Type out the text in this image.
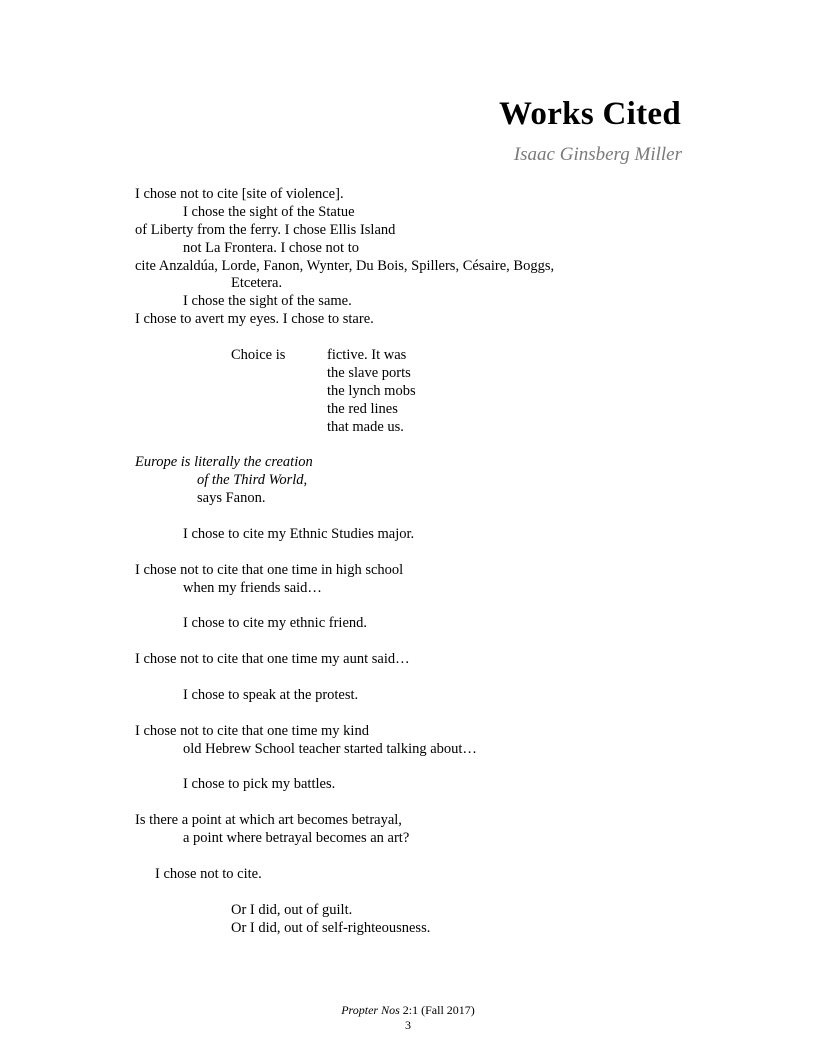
Works Cited
Isaac Ginsberg Miller
I chose not to cite [site of violence].
I chose the sight of the Statue
of Liberty from the ferry. I chose Ellis Island
not La Frontera. I chose not to
cite Anzaldúa, Lorde, Fanon, Wynter, Du Bois, Spillers, Césaire, Boggs,
Etcetera.
I chose the sight of the same.
I chose to avert my eyes. I chose to stare.
Choice is	fictive. It was
the slave ports
the lynch mobs
the red lines
that made us.
Europe is literally the creation
of the Third World,
says Fanon.
I chose to cite my Ethnic Studies major.
I chose not to cite that one time in high school
when my friends said…
I chose to cite my ethnic friend.
I chose not to cite that one time my aunt said…
I chose to speak at the protest.
I chose not to cite that one time my kind
old Hebrew School teacher started talking about…
I chose to pick my battles.
Is there a point at which art becomes betrayal,
a point where betrayal becomes an art?
I chose not to cite.
Or I did, out of guilt.
Or I did, out of self-righteousness.
Propter Nos 2:1 (Fall 2017)
3
